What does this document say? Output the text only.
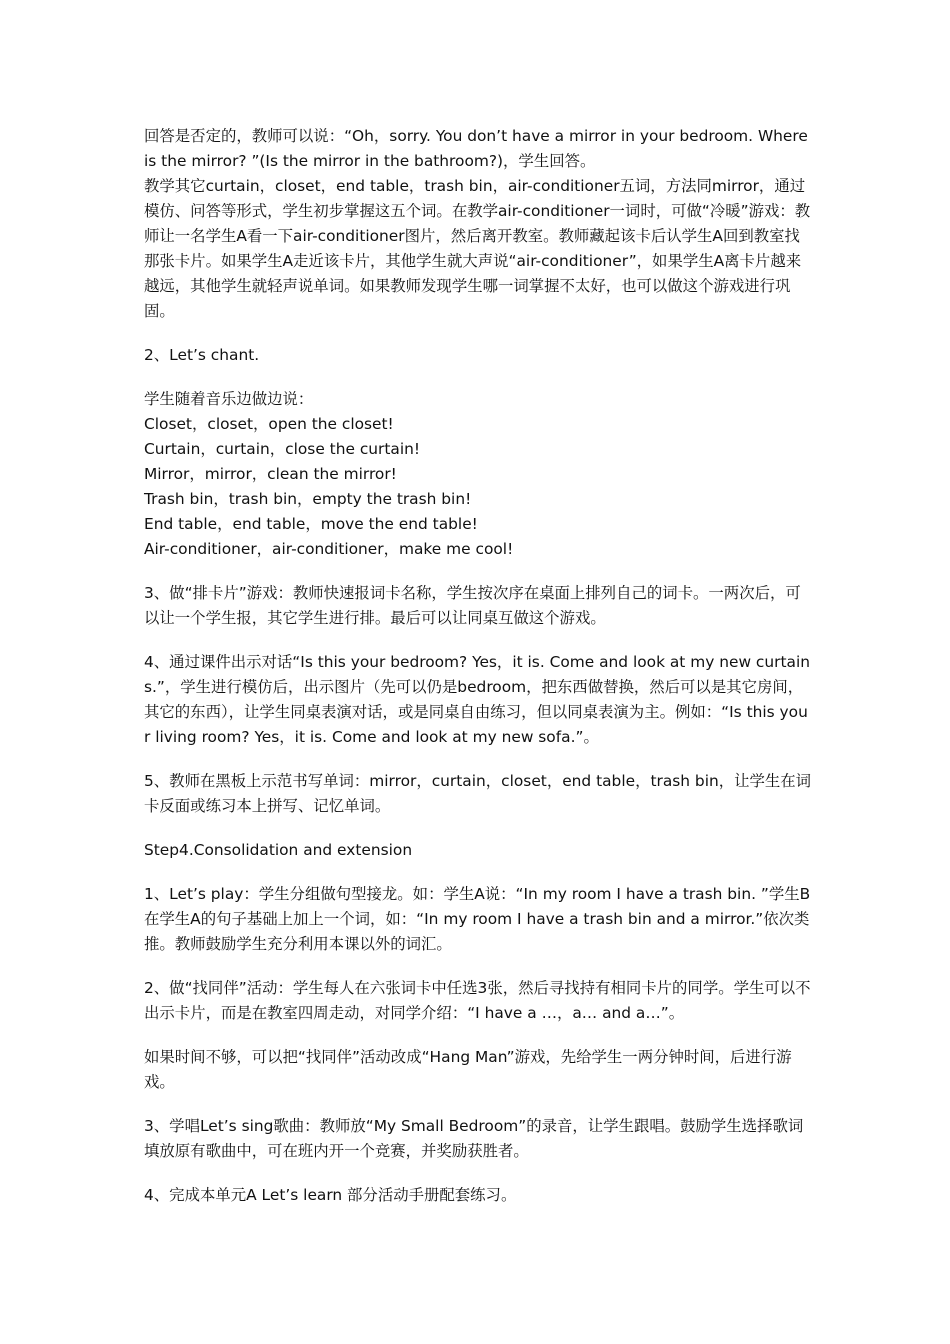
回答是否定的，教师可以说：“Oh，sorry. You don’t have a mirror in your bedroom. Where is the mirror? ”(Is the mirror in the bathroom?)，学生回答。

教学其它curtain，closet，end table，trash bin，air-conditioner五词，方法同mirror，通过模仿、问答等形式，学生初步掌握这五个词。在教学air-conditioner一词时，可做“冷暖”游戏：教师让一名学生A看一下air-conditioner图片，然后离开教室。教师藏起该卡后认学生A回到教室找那张卡片。如果学生A走近该卡片，其他学生就大声说“air-conditioner”，如果学生A离卡片越来越远，其他学生就轻声说单词。如果教师发现学生哪一词掌握不太好，也可以做这个游戏进行巩固。

2、Let’s chant.

学生随着音乐边做边说：
Closet，closet，open the closet!
Curtain，curtain，close the curtain!
Mirror，mirror，clean the mirror!
Trash bin，trash bin，empty the trash bin!
End table，end table，move the end table!
Air-conditioner，air-conditioner，make me cool!

3、做“排卡片”游戏：教师快速报词卡名称，学生按次序在桌面上排列自己的词卡。一两次后，可以让一个学生报，其它学生进行排。最后可以让同桌互做这个游戏。

4、通过课件出示对话“Is this your bedroom? Yes，it is. Come and look at my new curtains.”，学生进行模仿后，出示图片（先可以仍是bedroom，把东西做替换，然后可以是其它房间，其它的东西），让学生同桌表演对话，或是同桌自由练习，但以同桌表演为主。例如：“Is this your living room? Yes，it is. Come and look at my new sofa.”。

5、教师在黑板上示范书写单词：mirror，curtain，closet，end table，trash bin，让学生在词卡反面或练习本上拼写、记忆单词。

Step4.Consolidation and extension

1、Let’s play：学生分组做句型接龙。如：学生A说：“In my room I have a trash bin. ”学生B在学生A的句子基础上加上一个词，如：“In my room I have a trash bin and a mirror.”依次类推。教师鼓励学生充分利用本课以外的词汇。

2、做“找同伴”活动：学生每人在六张词卡中任选3张，然后寻找持有相同卡片的同学。学生可以不出示卡片，而是在教室四周走动，对同学介绍：“I have a …，a… and a…”。

如果时间不够，可以把“找同伴”活动改成“Hang Man”游戏，先给学生一两分钟时间，后进行游戏。

3、学唱Let’s sing歌曲：教师放“My Small Bedroom”的录音，让学生跟唱。鼓励学生选择歌词填放原有歌曲中，可在班内开一个竞赛，并奖励获胜者。

4、完成本单元A Let’s learn 部分活动手册配套练习。
